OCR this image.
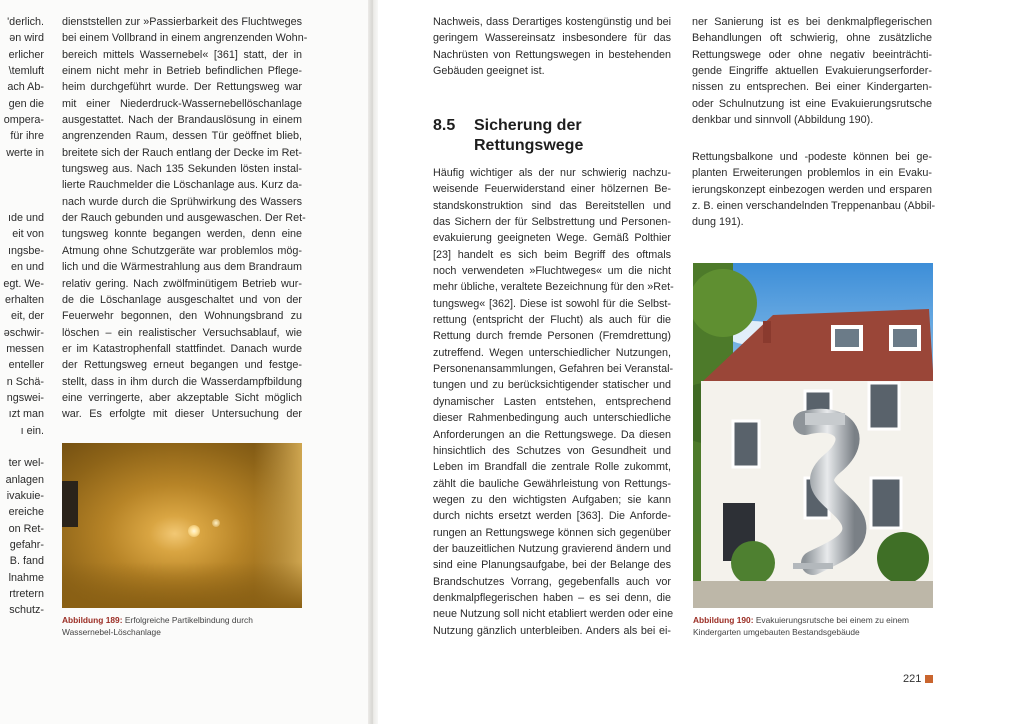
'derlich.
ən wird
erlicher
\temluft
ach Ab-
gen die
ompera-
für ihre
werte in

ıde und
eit von
ıngsbe-
en und
egt. We-
erhalten
eit, der
əschwir-
messen
enteller
n Schä-
ngswei-
ızt man
ı ein.

ter wel-
anlagen
ivakuie-
ereiche
on Ret-
gefahr-
B. fand
lnahme
rtretern
schutz-
dienststellen zur »Passierbarkeit des Fluchtweges
bei einem Vollbrand in einem angrenzenden Wohn-
bereich mittels Wassernebel« [361] statt, der in
einem nicht mehr in Betrieb befindlichen Pflege-
heim durchgeführt wurde. Der Rettungsweg war
mit einer Niederdruck-Wassernebellöschanlage
ausgestattet. Nach der Brandauslösung in einem
angrenzenden Raum, dessen Tür geöffnet blieb,
breitete sich der Rauch entlang der Decke im Ret-
tungsweg aus. Nach 135 Sekunden lösten instal-
lierte Rauchmelder die Löschanlage aus. Kurz da-
nach wurde durch die Sprühwirkung des Wassers
der Rauch gebunden und ausgewaschen. Der Ret-
tungsweg konnte begangen werden, denn eine
Atmung ohne Schutzgeräte war problemlos mög-
lich und die Wärmestrahlung aus dem Brandraum
relativ gering. Nach zwölfminütigem Betrieb wur-
de die Löschanlage ausgeschaltet und von der
Feuerwehr begonnen, den Wohnungsbrand zu
löschen – ein realistischer Versuchsablauf, wie
er im Katastrophenfall stattfindet. Danach wurde
der Rettungsweg erneut begangen und festge-
stellt, dass in ihm durch die Wasserdampfbildung
eine verringerte, aber akzeptable Sicht möglich
war. Es erfolgte mit dieser Untersuchung der
Abbildung 189: Erfolgreiche Partikelbindung durch
Wassernebel-Löschanlage
Nachweis, dass Derartiges kostengünstig und bei
geringem Wassereinsatz insbesondere für das
Nachrüsten von Rettungswegen in bestehenden
Gebäuden geeignet ist.
8.5 Sicherung der
Rettungswege
Häufig wichtiger als der nur schwierig nachzu-
weisende Feuerwiderstand einer hölzernen Be-
standskonstruktion sind das Bereitstellen und
das Sichern der für Selbstrettung und Personen-
evakuierung geeigneten Wege. Gemäß Polthier
[23] handelt es sich beim Begriff des oftmals
noch verwendeten »Fluchtweges« um die nicht
mehr übliche, veraltete Bezeichnung für den »Ret-
tungsweg« [362]. Diese ist sowohl für die Selbst-
rettung (entspricht der Flucht) als auch für die
Rettung durch fremde Personen (Fremdrettung)
zutreffend. Wegen unterschiedlicher Nutzungen,
Personenansammlungen, Gefahren bei Veranstal-
tungen und zu berücksichtigender statischer und
dynamischer Lasten entstehen, entsprechend
dieser Rahmenbedingung auch unterschiedliche
Anforderungen an die Rettungswege. Da diesen
hinsichtlich des Schutzes von Gesundheit und
Leben im Brandfall die zentrale Rolle zukommt,
zählt die bauliche Gewährleistung von Rettungs-
wegen zu den wichtigsten Aufgaben; sie kann
durch nichts ersetzt werden [363]. Die Anforde-
rungen an Rettungswege können sich gegenüber
der bauzeitlichen Nutzung gravierend ändern und
sind eine Planungsaufgabe, bei der Belange des
Brandschutzes Vorrang, gegebenfalls auch vor
denkmalpflegerischen haben – es sei denn, die
neue Nutzung soll nicht etabliert werden oder eine
Nutzung gänzlich unterbleiben. Anders als bei ei-
ner Sanierung ist es bei denkmalpflegerischen
Behandlungen oft schwierig, ohne zusätzliche
Rettungswege oder ohne negativ beeinträchti-
gende Eingriffe aktuellen Evakuierungserforder-
nissen zu entsprechen. Bei einer Kindergarten-
oder Schulnutzung ist eine Evakuierungsrutsche
denkbar und sinnvoll (Abbildung 190).
Rettungsbalkone und -podeste können bei ge-
planten Erweiterungen problemlos in ein Evaku-
ierungskonzept einbezogen werden und ersparen
z. B. einen verschandelnden Treppenanbau (Abbil-
dung 191).
Abbildung 190: Evakuierungsrutsche bei einem zu einem
Kindergarten umgebauten Bestandsgebäude
221
